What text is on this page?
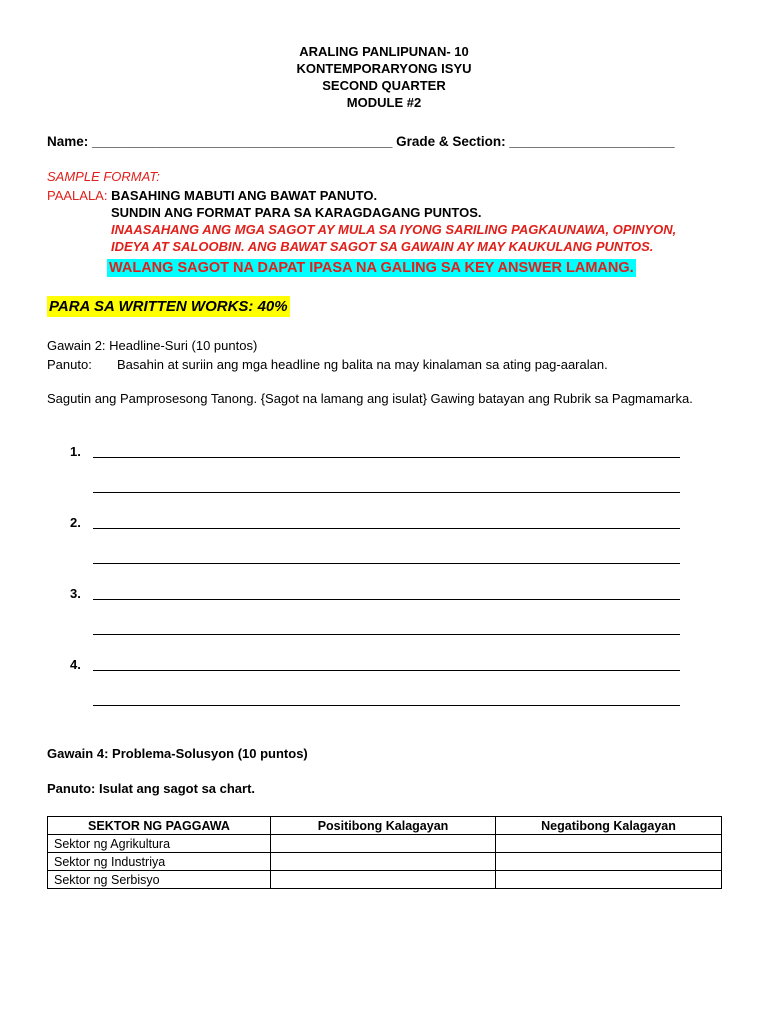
ARALING PANLIPUNAN- 10
KONTEMPORARYONG ISYU
SECOND QUARTER
MODULE #2
Name: ________________________________________ Grade & Section: ______________________
SAMPLE FORMAT:
PAALALA: BASAHING MABUTI ANG BAWAT PANUTO.
SUNDIN ANG FORMAT PARA SA KARAGDAGANG PUNTOS.
INAASAHANG ANG MGA SAGOT AY MULA SA IYONG SARILING PAGKAUNAWA, OPINYON,
IDEYA AT SALOOBIN. ANG BAWAT SAGOT SA GAWAIN AY MAY KAUKULANG PUNTOS.
WALANG SAGOT NA DAPAT IPASA NA GALING SA KEY ANSWER LAMANG.
PARA SA WRITTEN WORKS: 40%
Gawain 2: Headline-Suri (10 puntos)
Panuto: Basahin at suriin ang mga headline ng balita na may kinalaman sa ating pag-aaralan.
Sagutin ang Pamprosesong Tanong. {Sagot na lamang ang isulat} Gawing batayan ang Rubrik sa Pagmamarka.
1.
2.
3.
4.
Gawain 4: Problema-Solusyon (10 puntos)
Panuto: Isulat ang sagot sa chart.
SEKTOR NG PAGGAWA	Positibong Kalagayan	Negatibong Kalagayan
Sektor ng Agrikultura		
Sektor ng Industriya		
Sektor ng Serbisyo		
